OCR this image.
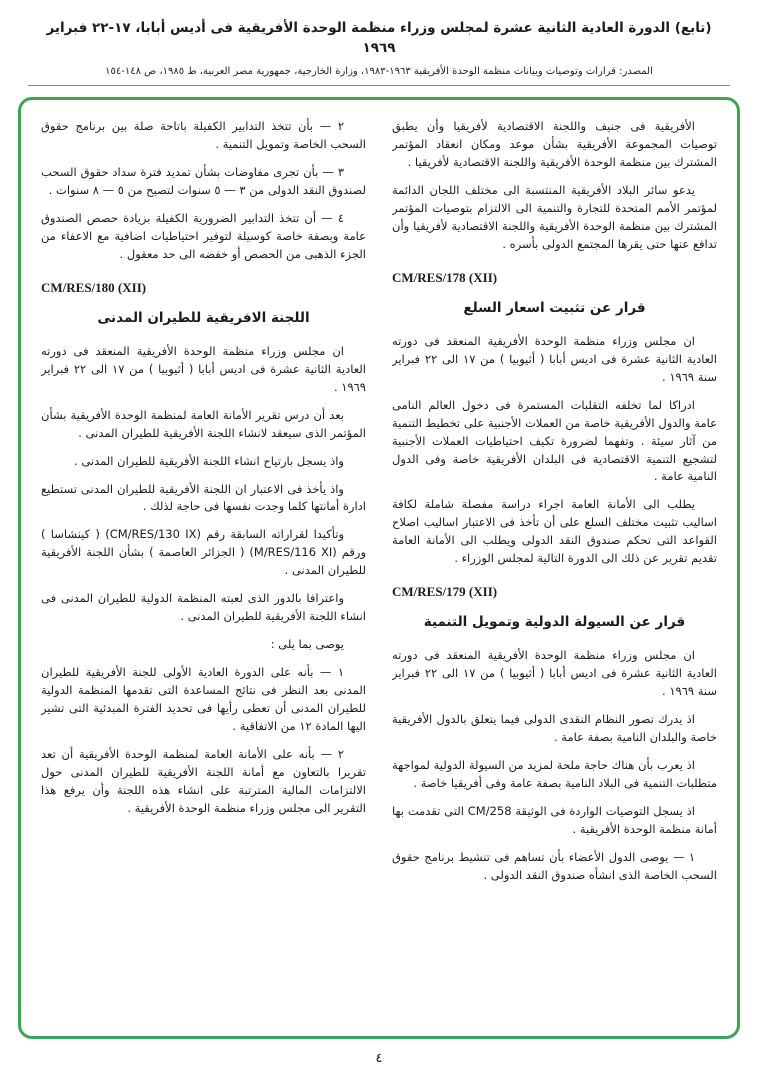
(تابع) الدورة العادية الثانية عشرة لمجلس وزراء منظمة الوحدة الأفريقية فى أديس أبابا، ١٧-٢٢ فبراير ١٩٦٩
المصدر: قرارات وتوصيات وبيانات منظمة الوحدة الأفريقية ١٩٦٣-١٩٨٣، وزارة الخارجية، جمهورية مصر العربية، ط ١٩٨٥، ص ١٤٨-١٥٤

الأفريقية فى جنيف واللجنة الاقتصادية لأفريقيا وأن يطبق توصيات المجموعة الأفريقية بشأن موعد ومكان انعقاد المؤتمر المشترك بين منظمة الوحدة الأفريقية واللجنة الاقتصادية لأفريقيا .

يدعو سائر البلاد الأفريقية المنتسبة الى مختلف اللجان الدائمة لمؤتمر الأمم المتحدة للتجارة والتنمية الى الالتزام بتوصيات المؤتمر المشترك بين منظمة الوحدة الأفريقية واللجنة الاقتصادية لأفريقيا وأن تدافع عنها حتى يقرها المجتمع الدولى بأسره .

CM/RES/178 (XII)
قرار عن تثبيت اسعار السلع

ان مجلس وزراء منظمة الوحدة الأفريقية المنعقد فى دورته العادية الثانية عشرة فى اديس أبابا ( أثيوبيا ) من ١٧ الى ٢٢ فبراير سنة ١٩٦٩ .

ادراكا لما تخلفه التقلبات المستمرة فى دخول العالم النامى عامة والدول الأفريقية خاصة من العملات الأجنبية على تخطيط التنمية من آثار سيئة . وتفهما لضرورة تكيف احتياطيات العملات الأجنبية لتشجيع التنمية الاقتصادية فى البلدان الأفريقية خاصة وفى الدول النامية عامة .

يطلب الى الأمانة العامة اجراء دراسة مفصلة شاملة لكافة اساليب تثبيت مختلف السلع على أن تأخذ فى الاعتبار اساليب اصلاح القواعد التى تحكم صندوق النقد الدولى ويطلب الى الأمانة العامة تقديم تقرير عن ذلك الى الدورة التالية لمجلس الوزراء .

CM/RES/179 (XII)
قرار عن السيولة الدولية وتمويل التنمية

ان مجلس وزراء منظمة الوحدة الأفريقية المنعقد فى دورته العادية الثانية عشرة فى اديس أبابا ( أثيوبيا ) من ١٧ الى ٢٢ فبراير سنة ١٩٦٩ .

اذ يدرك تصور النظام النقدى الدولى فيما يتعلق بالدول الأفريقية خاصة والبلدان النامية بصفة عامة .

اذ يعرب بأن هناك حاجة ملحة لمزيد من السيولة الدولية لمواجهة متطلبات التنمية فى البلاد النامية بصفة عامة وفى أفريقيا خاصة .

اذ يسجل التوصيات الواردة فى الوثيقة CM/258 التى تقدمت بها أمانة منظمة الوحدة الأفريقية .

١ — يوصى الدول الأعضاء بأن تساهم فى تنشيط برنامج حقوق السحب الخاصة الذى انشأه صندوق النقد الدولى .

٢ — بأن تتخذ التدابير الكفيلة باتاحة صلة بين برنامج حقوق السحب الخاصة وتمويل التنمية .

٣ — بأن تجرى مفاوضات بشأن تمديد فترة سداد حقوق السحب لصندوق النقد الدولى من ٣ — ٥ سنوات لتصبح من ٥ — ٨ سنوات .

٤ — أن تتخذ التدابير الضرورية الكفيلة بزيادة حصص الصندوق عامة وبصفة خاصة كوسيلة لتوفير احتياطيات اضافية مع الاعفاء من الجزء الذهبى من الحصص أو خفضه الى حد معقول .

CM/RES/180 (XII)
اللجنة الافريقية للطيران المدنى

ان مجلس وزراء منظمة الوحدة الأفريقية المنعقد فى دورته العادية الثانية عشرة فى اديس أبابا ( أثيوبيا ) من ١٧ الى ٢٢ فبراير ١٩٦٩ .

بعد أن درس تقرير الأمانة العامة لمنظمة الوحدة الأفريقية بشأن المؤتمر الذى سيعقد لانشاء اللجنة الأفريقية للطيران المدنى .

واذ يسجل بارتياح انشاء اللجنة الأفريقية للطيران المدنى .

واذ يأخذ فى الاعتبار ان اللجنة الأفريقية للطيران المدنى تستطيع ادارة أمانتها كلما وجدت نفسها فى حاجة لذلك .

وتأكيدا لقراراته السابقة رقم (CM/RES/130 IX) ( كينشاسا ) ورقم (M/RES/116 XI) ( الجزائر العاصمة ) بشأن اللجنة الأفريقية للطيران المدنى .

واعترافا بالدور الذى لعبته المنظمة الدولية للطيران المدنى فى انشاء اللجنة الأفريقية للطيران المدنى .

يوصى بما يلى :

١ — بأنه على الدورة العادية الأولى للجنة الأفريقية للطيران المدنى بعد النظر فى نتائج المساعدة التى تقدمها المنظمة الدولية للطيران المدنى أن تعطى رأيها فى تحديد الفترة المبدئية التى تشير اليها المادة ١٢ من الاتفاقية .

٢ — بأنه على الأمانة العامة لمنظمة الوحدة الأفريقية أن تعد تقريرا بالتعاون مع أمانة اللجنة الأفريقية للطيران المدنى حول الالتزامات المالية المترتبة على انشاء هذه اللجنة وأن يرفع هذا التقرير الى مجلس وزراء منظمة الوحدة الأفريقية .

٤
